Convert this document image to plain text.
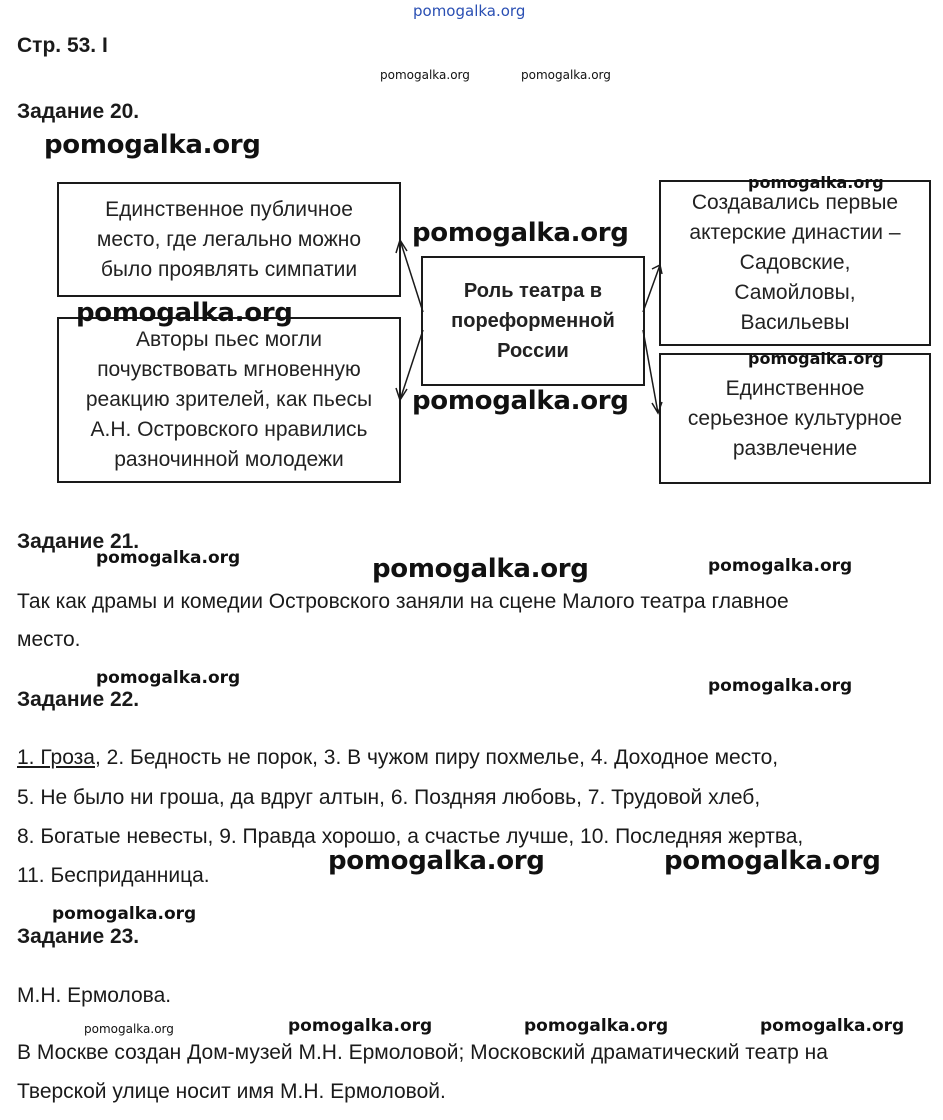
pomogalka.org
Стр. 53. I
pomogalka.org	pomogalka.org
Задание 20.
pomogalka.org
Единственное публичное
место, где легально можно
было проявлять симпатии
Авторы пьес могли
почувствовать мгновенную
реакцию зрителей, как пьесы
А.Н. Островского нравились
разночинной молодежи
Роль театра в
пореформенной
России
Создавались первые
актерские династии –
Садовские,
Самойловы,
Васильевы
Единственное
серьезное культурное
развлечение
pomogalka.org
pomogalka.org
pomogalka.org
pomogalka.org
pomogalka.org
Задание 21.
pomogalka.org	pomogalka.org	pomogalka.org
Так как драмы и комедии Островского заняли на сцене Малого театра главное
место.
pomogalka.org	pomogalka.org
Задание 22.
1. Гроза, 2. Бедность не порок, 3. В чужом пиру похмелье, 4. Доходное место,
5. Не было ни гроша, да вдруг алтын, 6. Поздняя любовь, 7. Трудовой хлеб,
8. Богатые невесты, 9. Правда хорошо, а счастье лучше, 10. Последняя жертва,
pomogalka.org	pomogalka.org
11. Бесприданница.
pomogalka.org
Задание 23.
М.Н. Ермолова.
pomogalka.org	pomogalka.org	pomogalka.org	pomogalka.org
В Москве создан Дом-музей М.Н. Ермоловой; Московский драматический театр на
Тверской улице носит имя М.Н. Ермоловой.
